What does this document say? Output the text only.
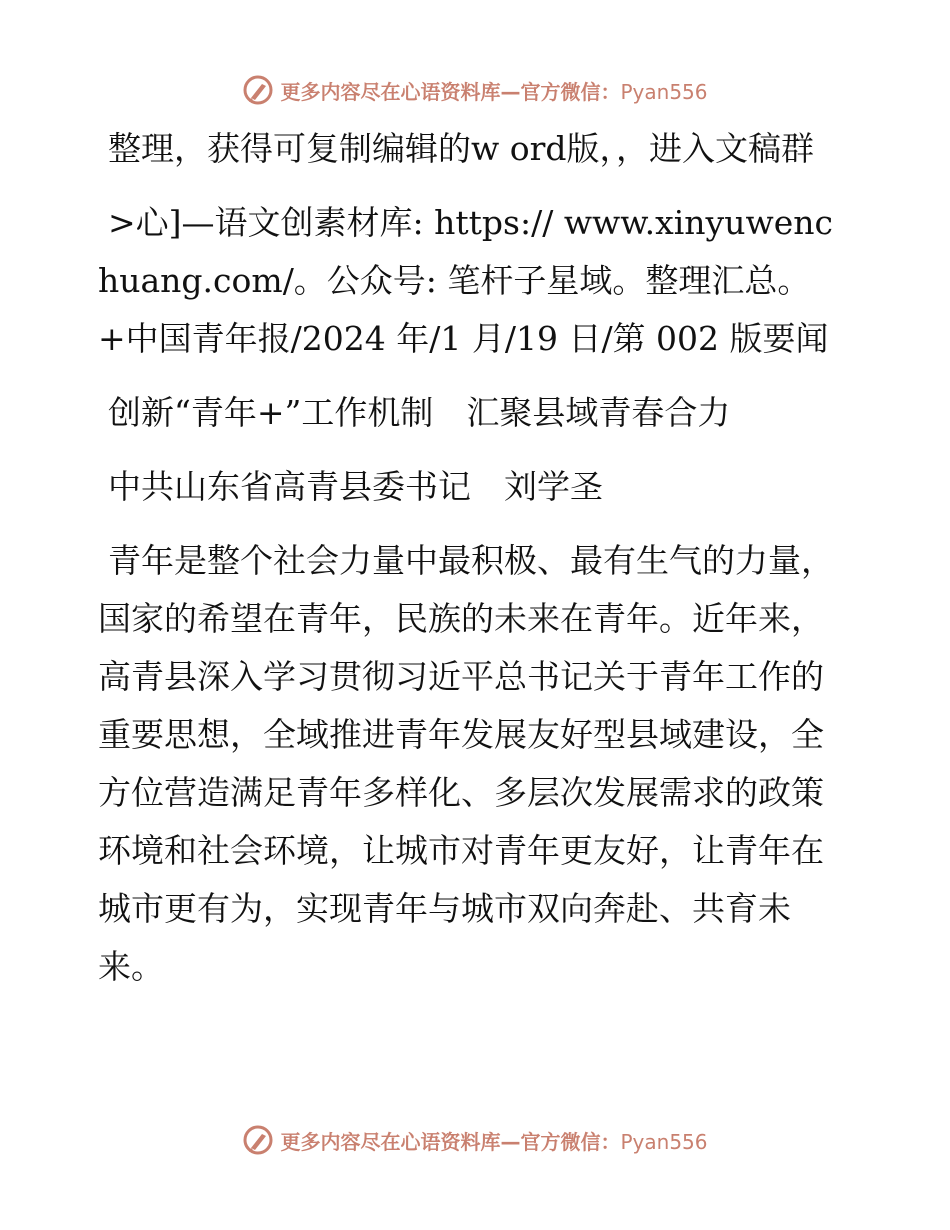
更多内容尽在心语资料库—官方微信：Pyan556

整理，获得可复制编辑的w ord版，，进入文稿群

>心]—语文创素材库: https:// www.xinyuwenchuang.com/。公众号: 笔杆子星域。整理汇总。+中国青年报/2024 年/1 月/19 日/第 002 版要闻

创新“青年+”工作机制　汇聚县域青春合力

中共山东省高青县委书记　刘学圣

青年是整个社会力量中最积极、最有生气的力量，国家的希望在青年，民族的未来在青年。近年来，高青县深入学习贯彻习近平总书记关于青年工作的重要思想，全域推进青年发展友好型县域建设，全方位营造满足青年多样化、多层次发展需求的政策环境和社会环境，让城市对青年更友好，让青年在城市更有为，实现青年与城市双向奔赴、共育未来。

更多内容尽在心语资料库—官方微信：Pyan556
